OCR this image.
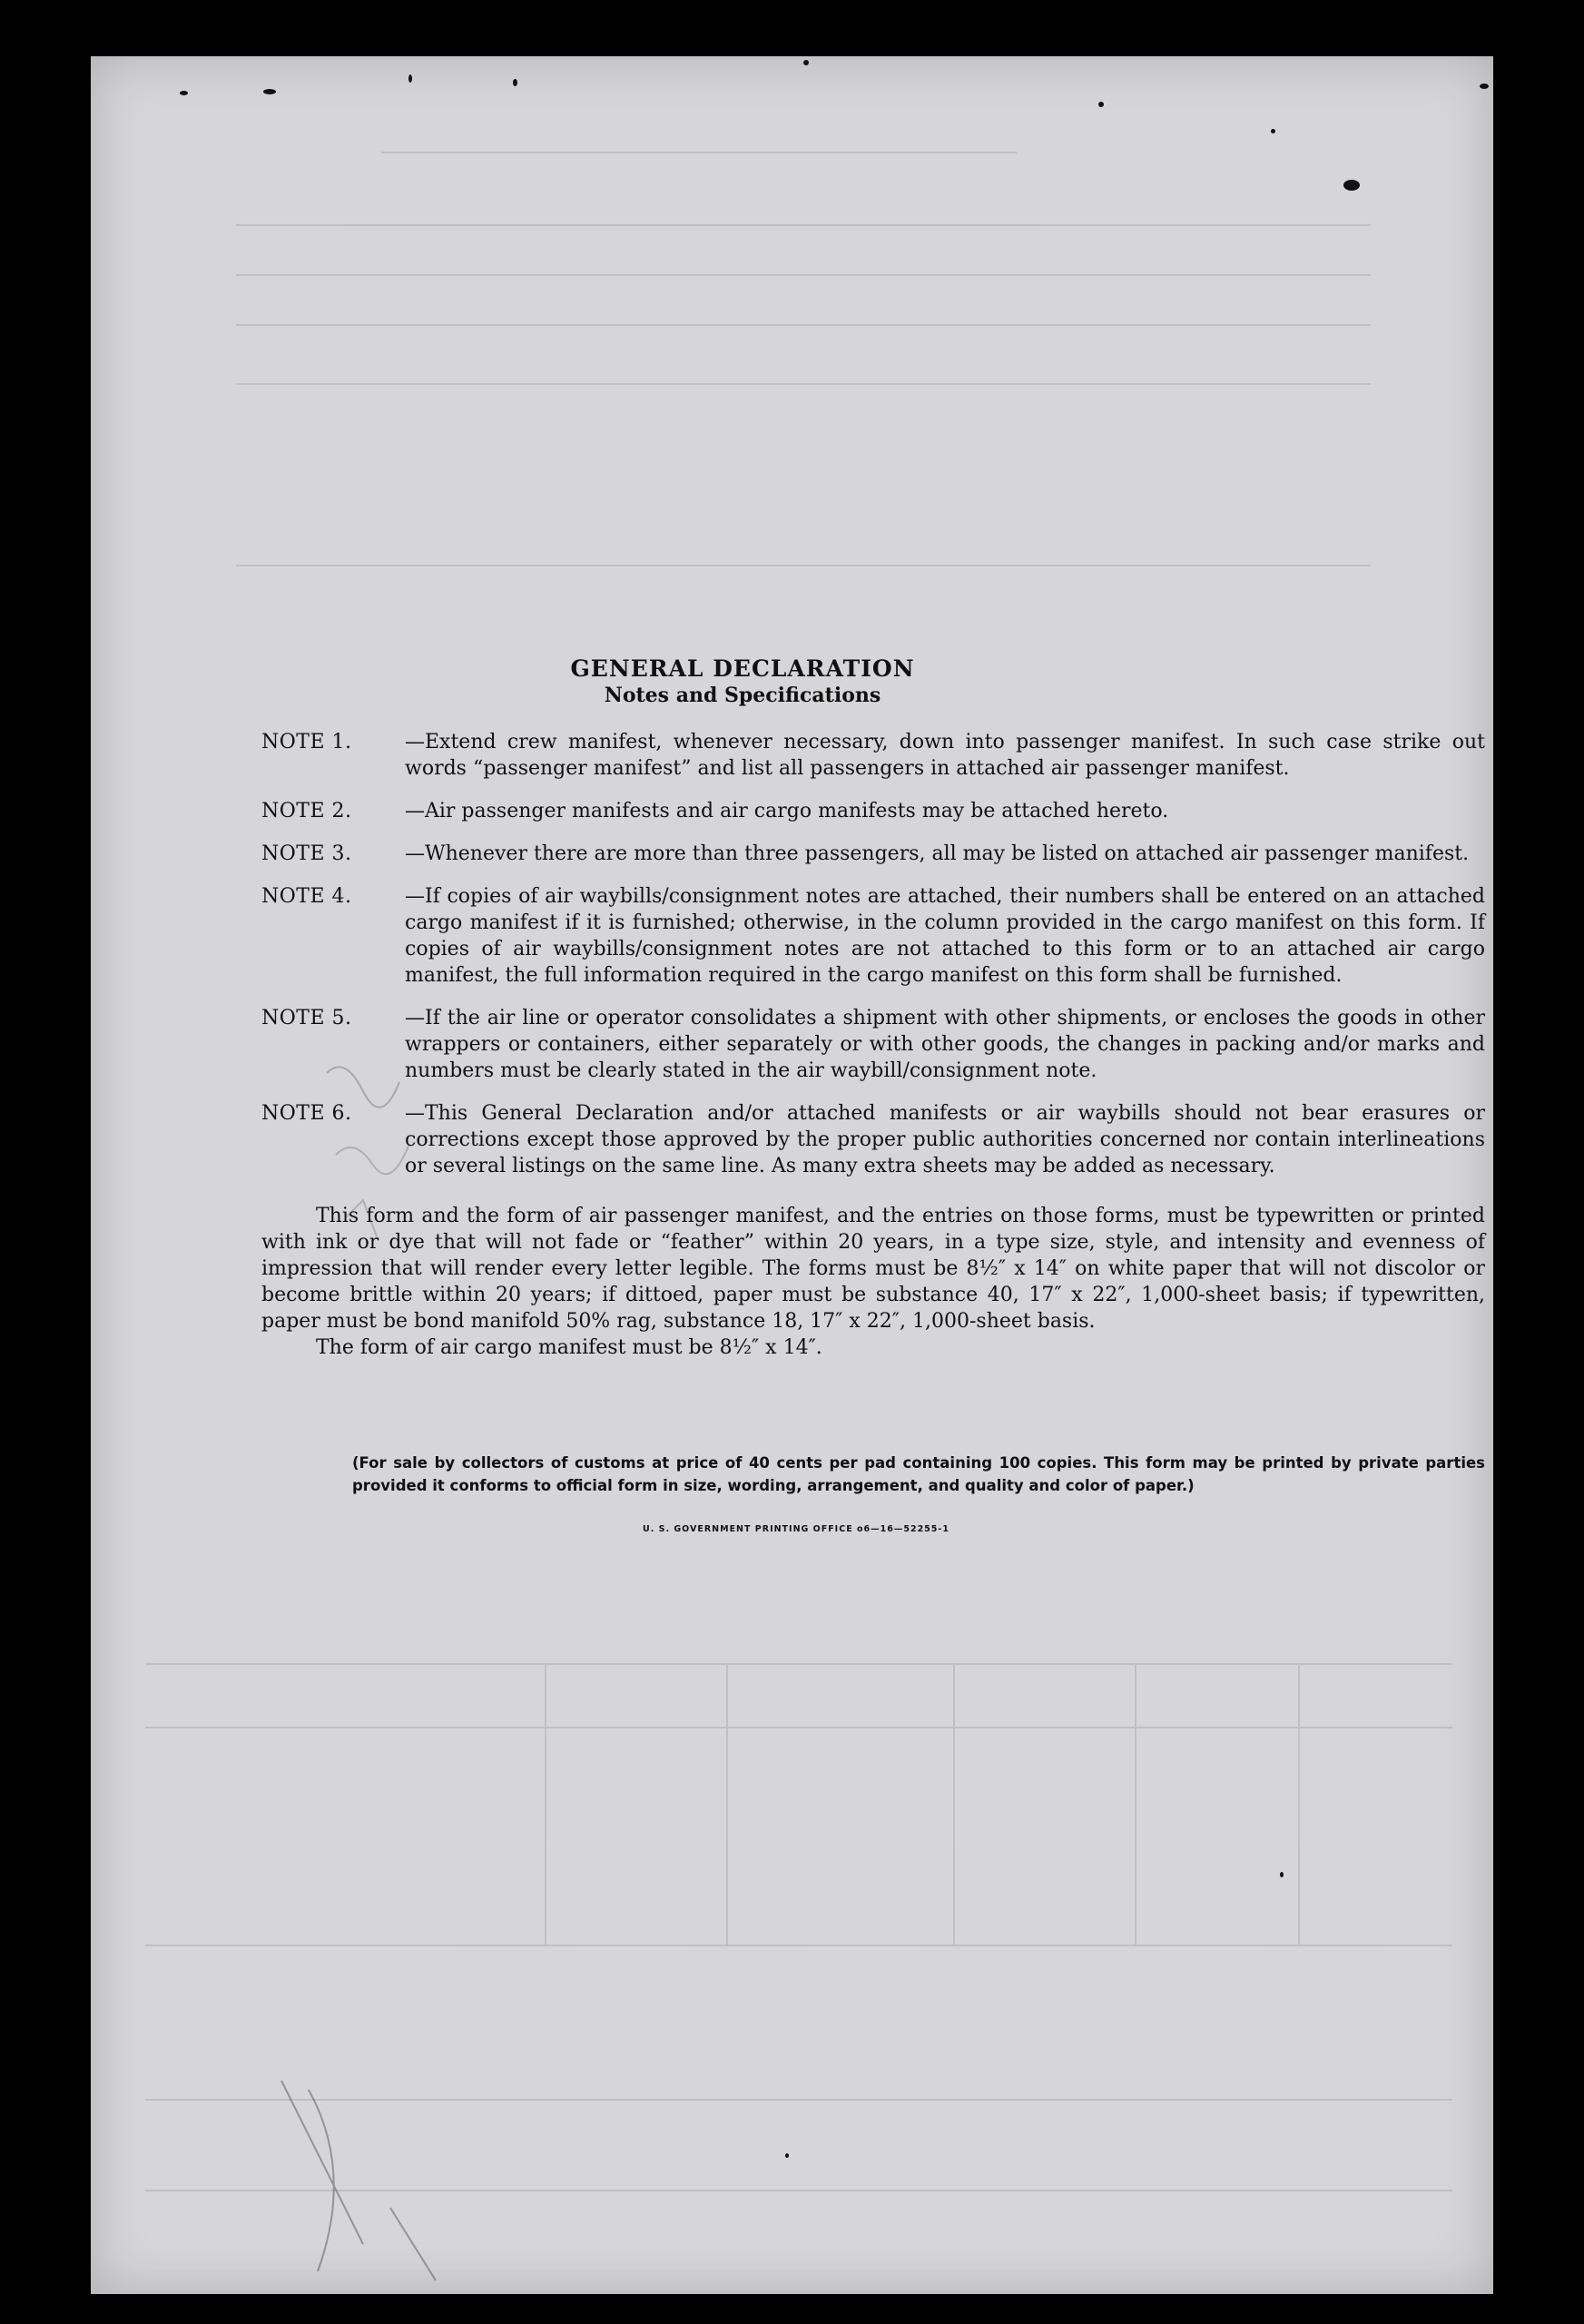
GENERAL DECLARATION
Notes and Specifications
NOTE 1.	—Extend crew manifest, whenever necessary, down into passenger manifest. In such case strike out words “passenger manifest” and list all passengers in attached air passenger manifest.
NOTE 2.	—Air passenger manifests and air cargo manifests may be attached hereto.
NOTE 3.	—Whenever there are more than three passengers, all may be listed on attached air passenger manifest.
NOTE 4.	—If copies of air waybills/consignment notes are attached, their numbers shall be entered on an attached cargo manifest if it is furnished; otherwise, in the column provided in the cargo manifest on this form. If copies of air waybills/consignment notes are not attached to this form or to an attached air cargo manifest, the full information required in the cargo manifest on this form shall be furnished.
NOTE 5.	—If the air line or operator consolidates a shipment with other shipments, or encloses the goods in other wrappers or containers, either separately or with other goods, the changes in packing and/or marks and numbers must be clearly stated in the air waybill/consignment note.
NOTE 6.	—This General Declaration and/or attached manifests or air waybills should not bear erasures or corrections except those approved by the proper public authorities concerned nor contain interlineations or several listings on the same line. As many extra sheets may be added as necessary.
This form and the form of air passenger manifest, and the entries on those forms, must be typewritten or printed with ink or dye that will not fade or “feather” within 20 years, in a type size, style, and intensity and evenness of impression that will render every letter legible. The forms must be 8½″ x 14″ on white paper that will not discolor or become brittle within 20 years; if dittoed, paper must be substance 40, 17″ x 22″, 1,000-sheet basis; if typewritten, paper must be bond manifold 50% rag, substance 18, 17″ x 22″, 1,000-sheet basis.
The form of air cargo manifest must be 8½″ x 14″.
(For sale by collectors of customs at price of 40 cents per pad containing 100 copies. This form may be printed by private parties provided it conforms to official form in size, wording, arrangement, and quality and color of paper.)
U. S. GOVERNMENT PRINTING OFFICE o6—16—52255-1
